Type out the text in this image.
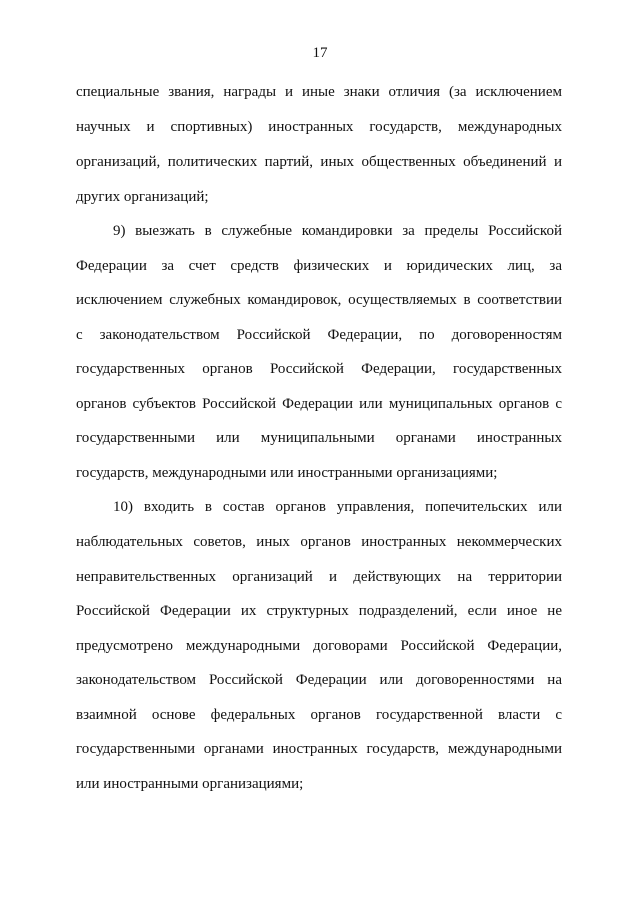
17
специальные звания, награды и иные знаки отличия (за исключением
научных и спортивных) иностранных государств, международных
организаций, политических партий, иных общественных объединений и
других организаций;
9) выезжать в служебные командировки за пределы Российской
Федерации за счет средств физических и юридических лиц, за
исключением служебных командировок, осуществляемых в соответствии
с законодательством Российской Федерации, по договоренностям
государственных органов Российской Федерации, государственных
органов субъектов Российской Федерации или муниципальных органов с
государственными или муниципальными органами иностранных
государств, международными или иностранными организациями;
10) входить в состав органов управления, попечительских или
наблюдательных советов, иных органов иностранных некоммерческих
неправительственных организаций и действующих на территории
Российской Федерации их структурных подразделений, если иное не
предусмотрено международными договорами Российской Федерации,
законодательством Российской Федерации или договоренностями на
взаимной основе федеральных органов государственной власти с
государственными органами иностранных государств, международными
или иностранными организациями;
